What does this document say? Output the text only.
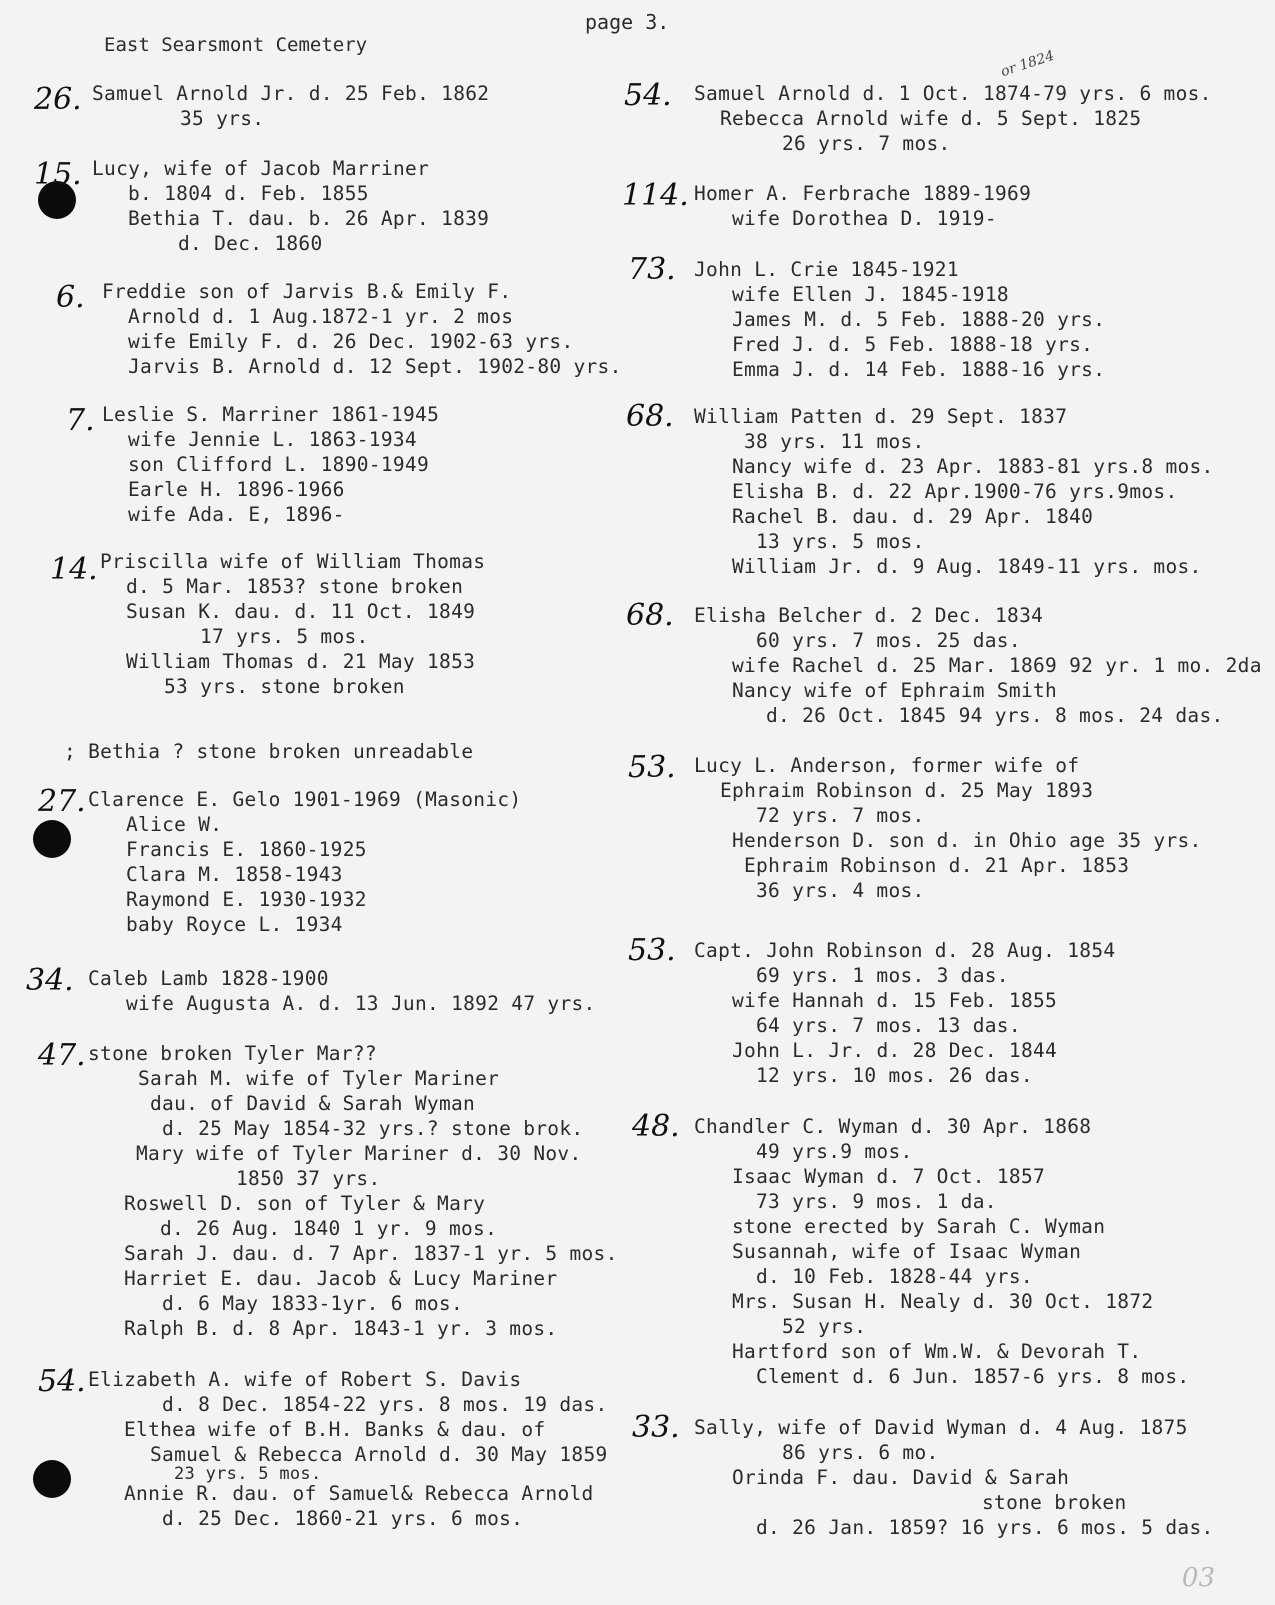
page 3.
East Searsmont Cemetery
or 1824
26. Samuel Arnold Jr. d. 25 Feb. 1862
35 yrs.
15. Lucy, wife of Jacob Marriner
b. 1804 d. Feb. 1855
Bethia T. dau. b. 26 Apr. 1839
d. Dec. 1860
6. Freddie son of Jarvis B.& Emily F.
Arnold d. 1 Aug.1872-1 yr. 2 mos
wife Emily F. d. 26 Dec. 1902-63 yrs.
Jarvis B. Arnold d. 12 Sept. 1902-80 yrs.
7. Leslie S. Marriner 1861-1945
wife Jennie L. 1863-1934
son Clifford L. 1890-1949
Earle H. 1896-1966
wife Ada. E, 1896-
14. Priscilla wife of William Thomas
d. 5 Mar. 1853? stone broken
Susan K. dau. d. 11 Oct. 1849
17 yrs. 5 mos.
William Thomas d. 21 May 1853
53 yrs. stone broken
; Bethia ? stone broken unreadable
27. Clarence E. Gelo 1901-1969 (Masonic)
Alice W.
Francis E. 1860-1925
Clara M. 1858-1943
Raymond E. 1930-1932
baby Royce L. 1934
34. Caleb Lamb 1828-1900
wife Augusta A. d. 13 Jun. 1892 47 yrs.
47. stone broken Tyler Mar??
Sarah M. wife of Tyler Mariner
dau. of David & Sarah Wyman
d. 25 May 1854-32 yrs.? stone brok.
Mary wife of Tyler Mariner d. 30 Nov.
1850 37 yrs.
Roswell D. son of Tyler & Mary
d. 26 Aug. 1840 1 yr. 9 mos.
Sarah J. dau. d. 7 Apr. 1837-1 yr. 5 mos.
Harriet E. dau. Jacob & Lucy Mariner
d. 6 May 1833-1yr. 6 mos.
Ralph B. d. 8 Apr. 1843-1 yr. 3 mos.
54. Elizabeth A. wife of Robert S. Davis
d. 8 Dec. 1854-22 yrs. 8 mos. 19 das.
Elthea wife of B.H. Banks & dau. of
Samuel & Rebecca Arnold d. 30 May 1859
23 yrs. 5 mos.
Annie R. dau. of Samuel& Rebecca Arnold
d. 25 Dec. 1860-21 yrs. 6 mos.
54. Samuel Arnold d. 1 Oct. 1874-79 yrs. 6 mos.
Rebecca Arnold wife d. 5 Sept. 1825
26 yrs. 7 mos.
114. Homer A. Ferbrache 1889-1969
wife Dorothea D. 1919-
73. John L. Crie 1845-1921
wife Ellen J. 1845-1918
James M. d. 5 Feb. 1888-20 yrs.
Fred J. d. 5 Feb. 1888-18 yrs.
Emma J. d. 14 Feb. 1888-16 yrs.
68. William Patten d. 29 Sept. 1837
38 yrs. 11 mos.
Nancy wife d. 23 Apr. 1883-81 yrs.8 mos.
Elisha B. d. 22 Apr.1900-76 yrs.9mos.
Rachel B. dau. d. 29 Apr. 1840
13 yrs. 5 mos.
William Jr. d. 9 Aug. 1849-11 yrs. mos.
68. Elisha Belcher d. 2 Dec. 1834
60 yrs. 7 mos. 25 das.
wife Rachel d. 25 Mar. 1869 92 yr. 1 mo. 2da
Nancy wife of Ephraim Smith
d. 26 Oct. 1845 94 yrs. 8 mos. 24 das.
53. Lucy L. Anderson, former wife of
Ephraim Robinson d. 25 May 1893
72 yrs. 7 mos.
Henderson D. son d. in Ohio age 35 yrs.
Ephraim Robinson d. 21 Apr. 1853
36 yrs. 4 mos.
53. Capt. John Robinson d. 28 Aug. 1854
69 yrs. 1 mos. 3 das.
wife Hannah d. 15 Feb. 1855
64 yrs. 7 mos. 13 das.
John L. Jr. d. 28 Dec. 1844
12 yrs. 10 mos. 26 das.
48. Chandler C. Wyman d. 30 Apr. 1868
49 yrs.9 mos.
Isaac Wyman d. 7 Oct. 1857
73 yrs. 9 mos. 1 da.
stone erected by Sarah C. Wyman
Susannah, wife of Isaac Wyman
d. 10 Feb. 1828-44 yrs.
Mrs. Susan H. Nealy d. 30 Oct. 1872
52 yrs.
Hartford son of Wm.W. & Devorah T.
Clement d. 6 Jun. 1857-6 yrs. 8 mos.
33. Sally, wife of David Wyman d. 4 Aug. 1875
86 yrs. 6 mo.
Orinda F. dau. David & Sarah
stone broken
d. 26 Jan. 1859? 16 yrs. 6 mos. 5 das.
03
